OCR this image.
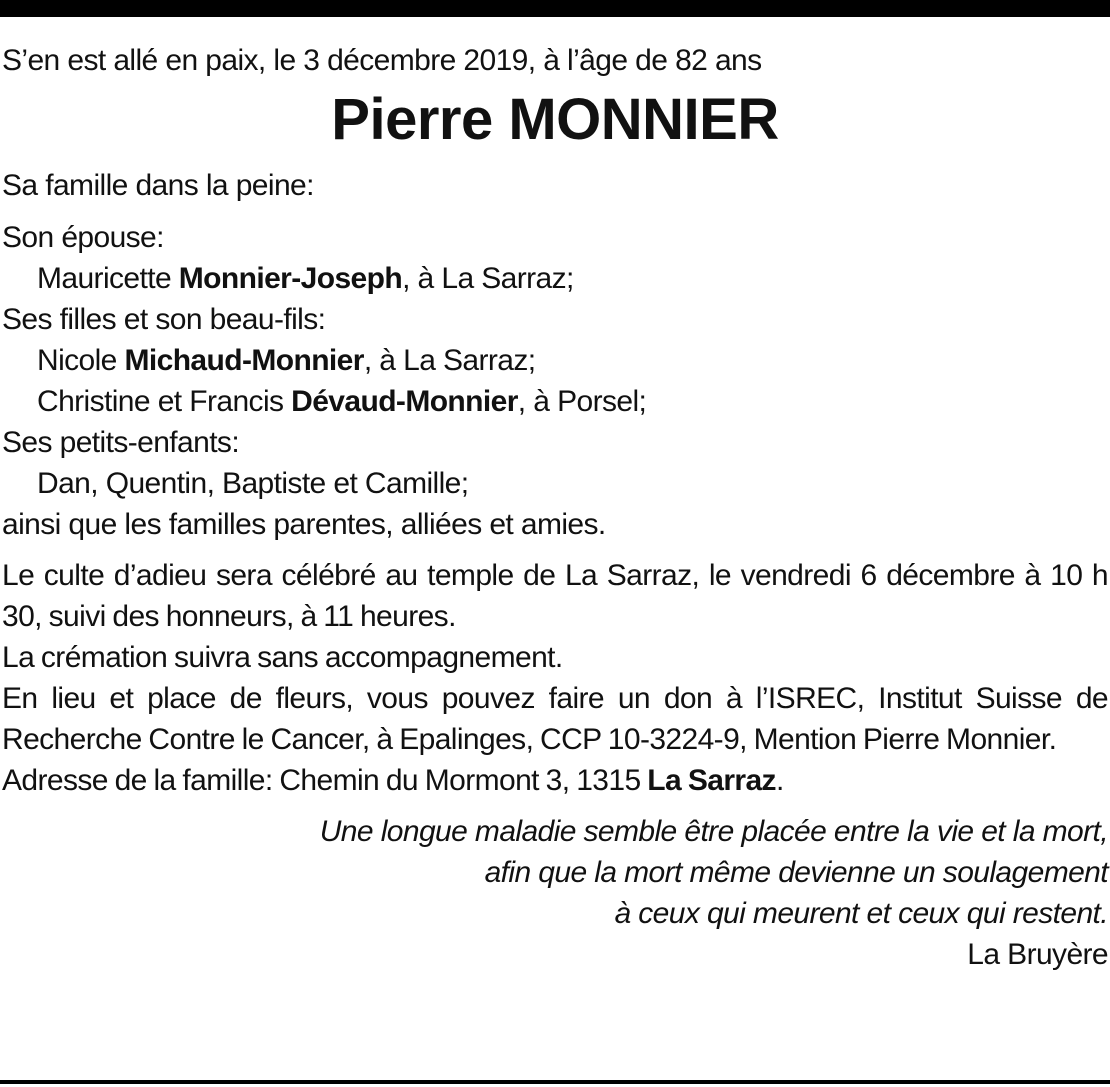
S’en est allé en paix, le 3 décembre 2019, à l’âge de 82 ans

Pierre MONNIER

Sa famille dans la peine:

Son épouse:
Mauricette Monnier-Joseph, à La Sarraz;
Ses filles et son beau-fils:
Nicole Michaud-Monnier, à La Sarraz;
Christine et Francis Dévaud-Monnier, à Porsel;
Ses petits-enfants:
Dan, Quentin, Baptiste et Camille;
ainsi que les familles parentes, alliées et amies.
Le culte d’adieu sera célébré au temple de La Sarraz, le vendredi 6 décembre à 10 h 30, suivi des honneurs, à 11 heures.
La crémation suivra sans accompagnement.
En lieu et place de fleurs, vous pouvez faire un don à l’ISREC, Institut Suisse de Recherche Contre le Cancer, à Epalinges, CCP 10-3224-9, Mention Pierre Monnier.
Adresse de la famille: Chemin du Mormont 3, 1315 La Sarraz.
Une longue maladie semble être placée entre la vie et la mort,
afin que la mort même devienne un soulagement
à ceux qui meurent et ceux qui restent.
La Bruyère
